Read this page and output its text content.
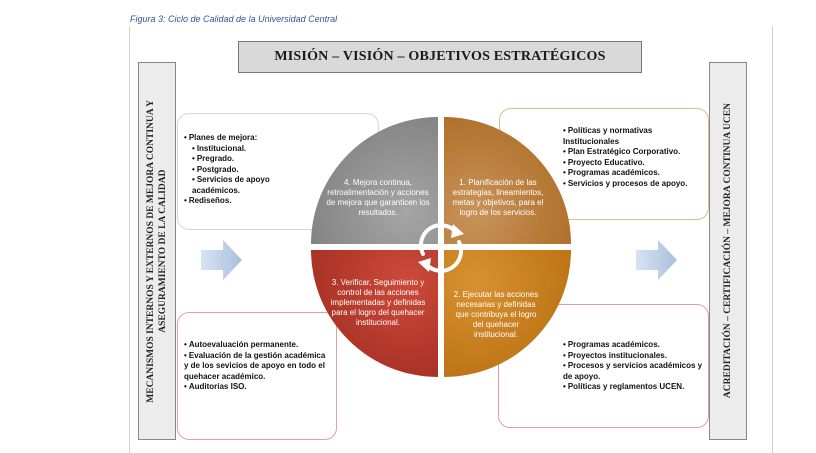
Figura 3: Ciclo de Calidad de la Universidad Central
MISIÓN – VISIÓN – OBJETIVOS ESTRATÉGICOS
MECANISMOS INTERNOS Y EXTERNOS DE MEJORA CONTINUA Y
ASEGURAMIENTO DE LA CALIDAD	ACREDITACIÓN – CERTIFICACIÓN – MEJORA CONTINUA UCEN
4. Mejora continua, retroalimentación y acciones de mejora que garanticen los resultados.
1. Planificación de las estrategias, lineamientos, metas y objetivos, para el logro de los servicios.
3. Verificar, Seguimiento y control de las acciones implementadas y definidas para el logro del quehacer institucional.
2. Ejecutar las acciones necesarias y definidas que contribuya el logro del quehacer institucional.
• Planes de mejora:
• Institucional.
• Pregrado.
• Postgrado.
• Servicios de apoyo académicos.
• Rediseños.
• Políticas y normativas Institucionales
• Plan Estratégico Corporativo.
• Proyecto Educativo.
• Programas académicos.
• Servicios y procesos de apoyo.
• Autoevaluación permanente.
• Evaluación de la gestión académica y de los sevicios de apoyo en todo el quehacer académico.
• Auditorías ISO.
• Programas académicos.
• Proyectos institucionales.
• Procesos y servicios académicos y de apoyo.
• Políticas y reglamentos UCEN.
